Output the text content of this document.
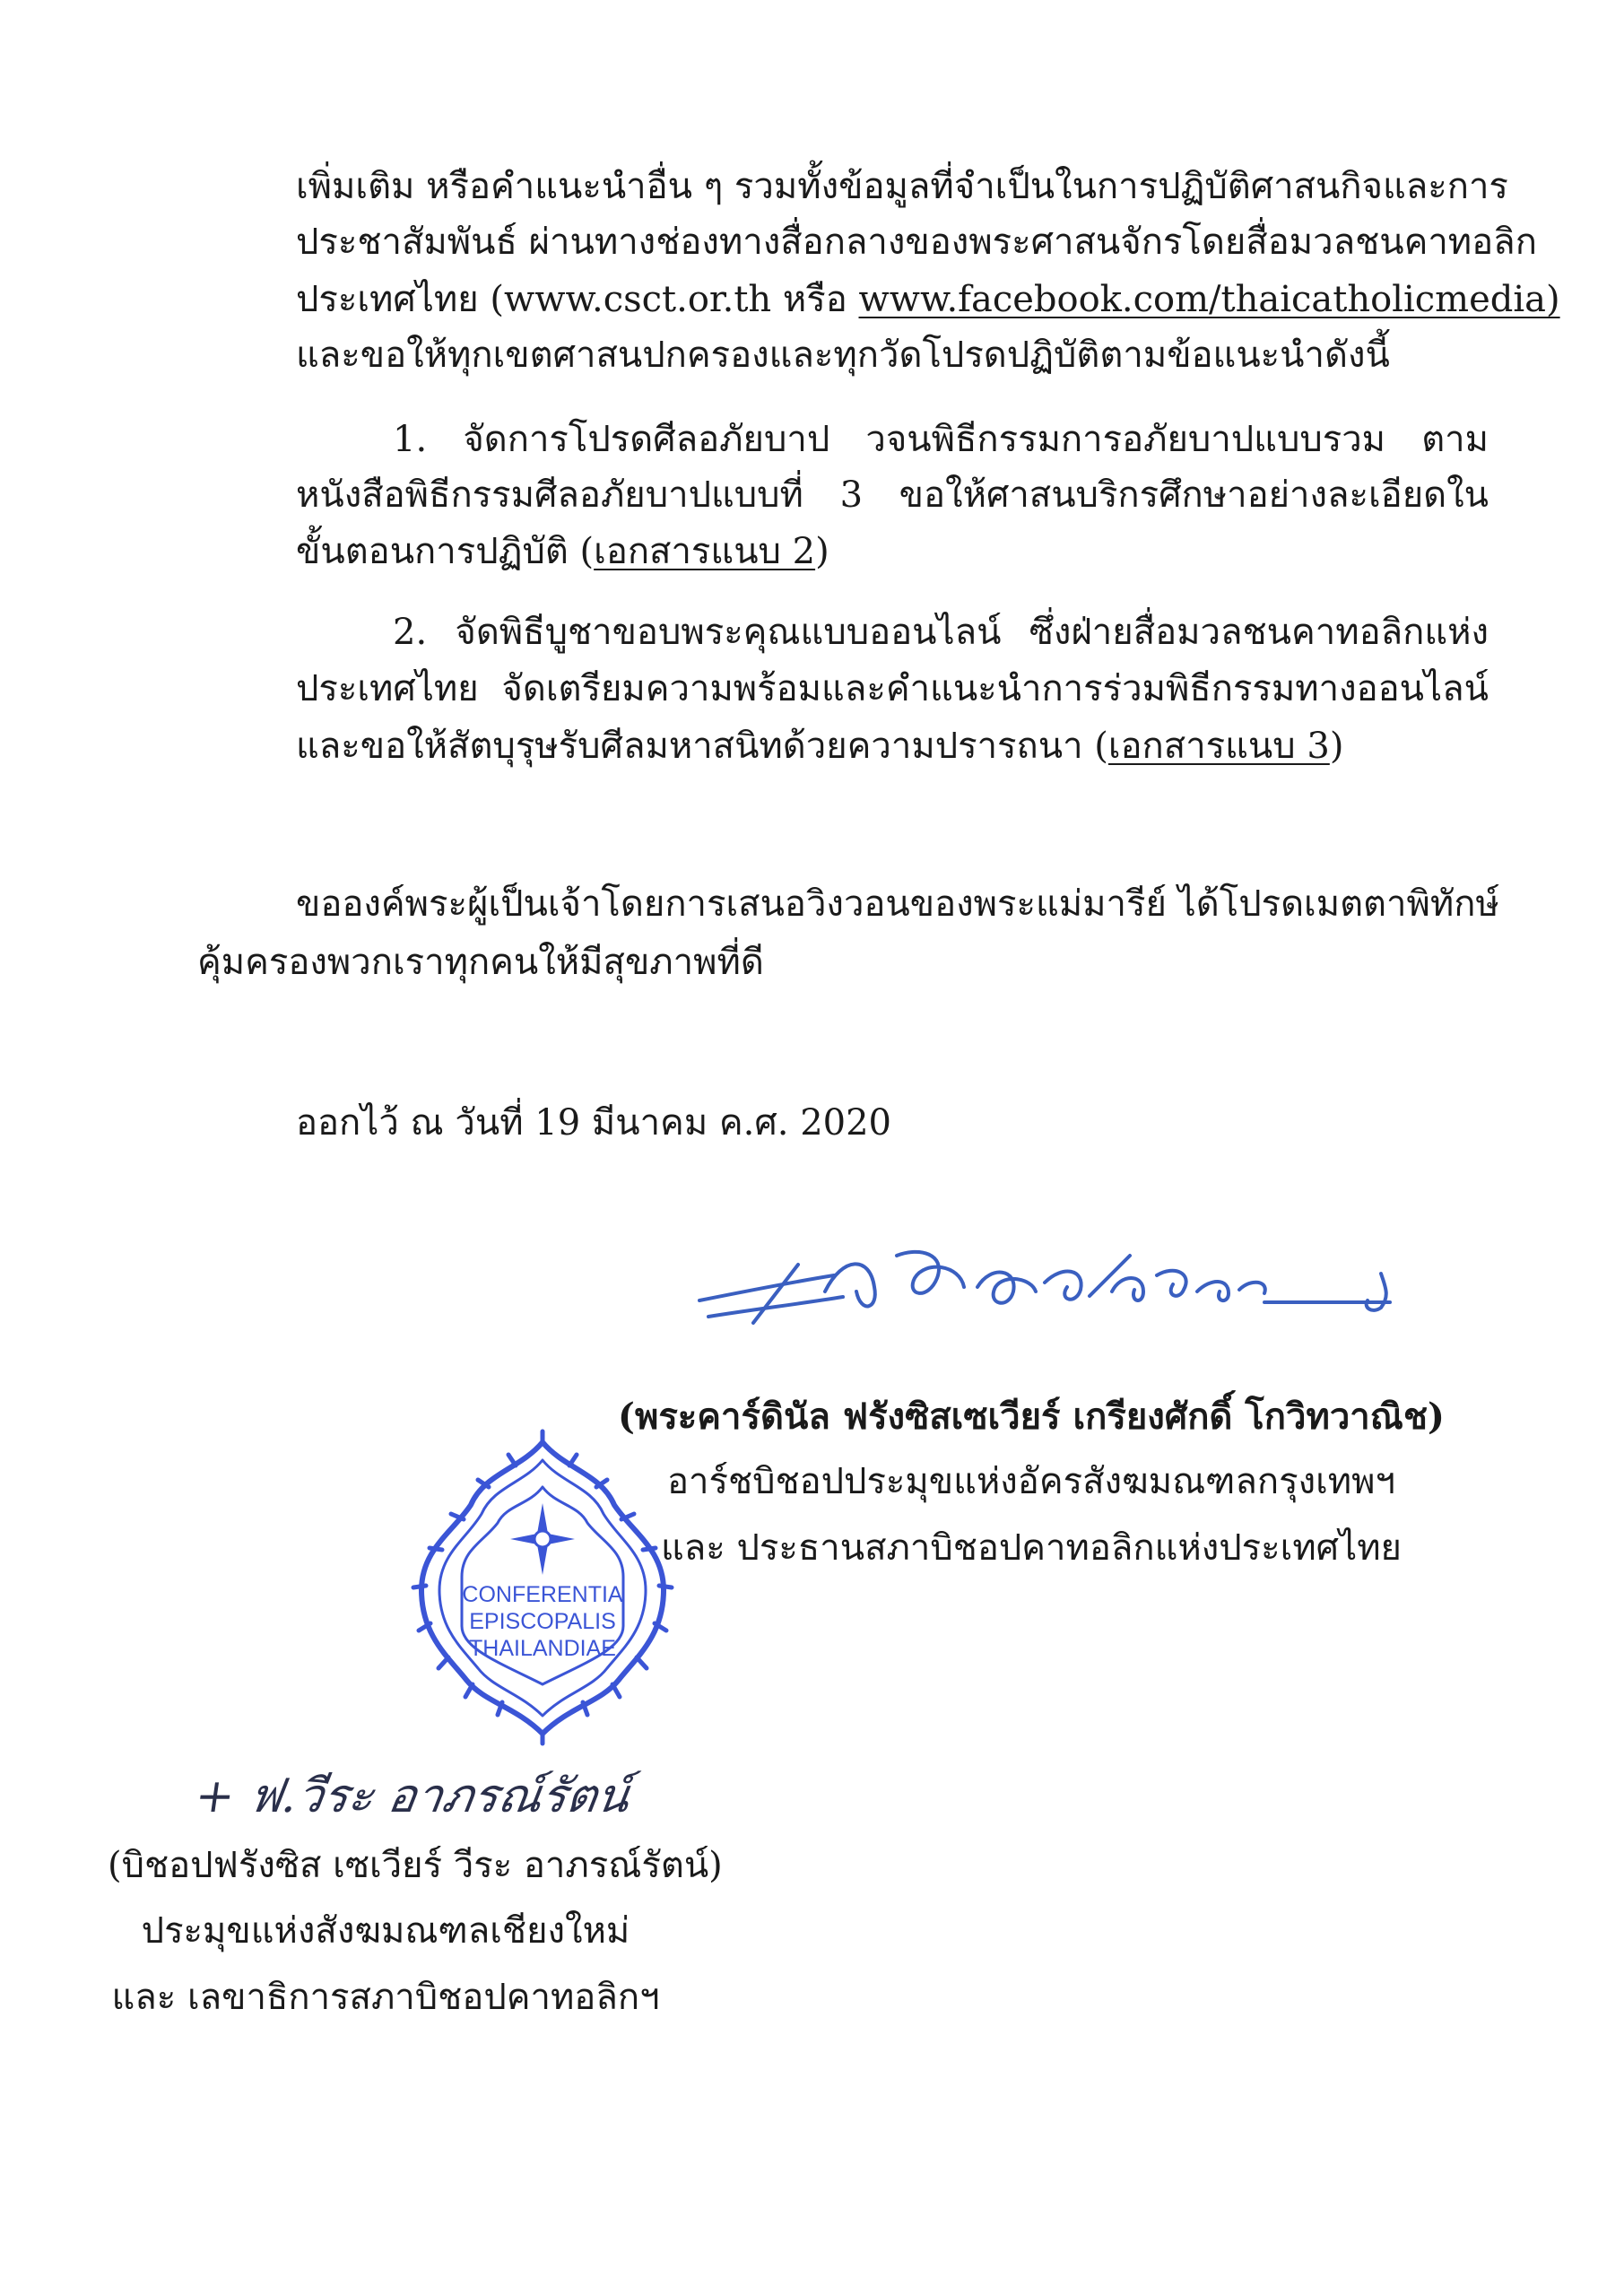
เพิ่มเติม หรือคำแนะนำอื่น ๆ รวมทั้งข้อมูลที่จำเป็นในการปฏิบัติศาสนกิจและการ
ประชาสัมพันธ์ ผ่านทางช่องทางสื่อกลางของพระศาสนจักรโดยสื่อมวลชนคาทอลิก
ประเทศไทย (www.csct.or.th หรือ www.facebook.com/thaicatholicmedia)
และขอให้ทุกเขตศาสนปกครองและทุกวัดโปรดปฏิบัติตามข้อแนะนำดังนี้
1. จัดการโปรดศีลอภัยบาป วจนพิธีกรรมการอภัยบาปแบบรวม ตาม
หนังสือพิธีกรรมศีลอภัยบาปแบบที่ 3 ขอให้ศาสนบริกรศึกษาอย่างละเอียดใน
ขั้นตอนการปฏิบัติ (เอกสารแนบ 2)
2. จัดพิธีบูชาขอบพระคุณแบบออนไลน์ ซึ่งฝ่ายสื่อมวลชนคาทอลิกแห่ง
ประเทศไทย จัดเตรียมความพร้อมและคำแนะนำการร่วมพิธีกรรมทางออนไลน์
และขอให้สัตบุรุษรับศีลมหาสนิทด้วยความปรารถนา (เอกสารแนบ 3)
ขอองค์พระผู้เป็นเจ้าโดยการเสนอวิงวอนของพระแม่มารีย์ ได้โปรดเมตตาพิทักษ์
คุ้มครองพวกเราทุกคนให้มีสุขภาพที่ดี
ออกไว้ ณ วันที่ 19 มีนาคม ค.ศ. 2020
(พระคาร์ดินัล ฟรังซิสเซเวียร์ เกรียงศักดิ์ โกวิทวาณิช)
อาร์ชบิชอปประมุขแห่งอัครสังฆมณฑลกรุงเทพฯ
และ ประธานสภาบิชอปคาทอลิกแห่งประเทศไทย
CONFERENTIA
EPISCOPALIS
THAILANDIAE
+ ฟ.วีระ อาภรณ์รัตน์
(บิชอปฟรังซิส เซเวียร์ วีระ อาภรณ์รัตน์)
ประมุขแห่งสังฆมณฑลเชียงใหม่
และ เลขาธิการสภาบิชอปคาทอลิกฯ
